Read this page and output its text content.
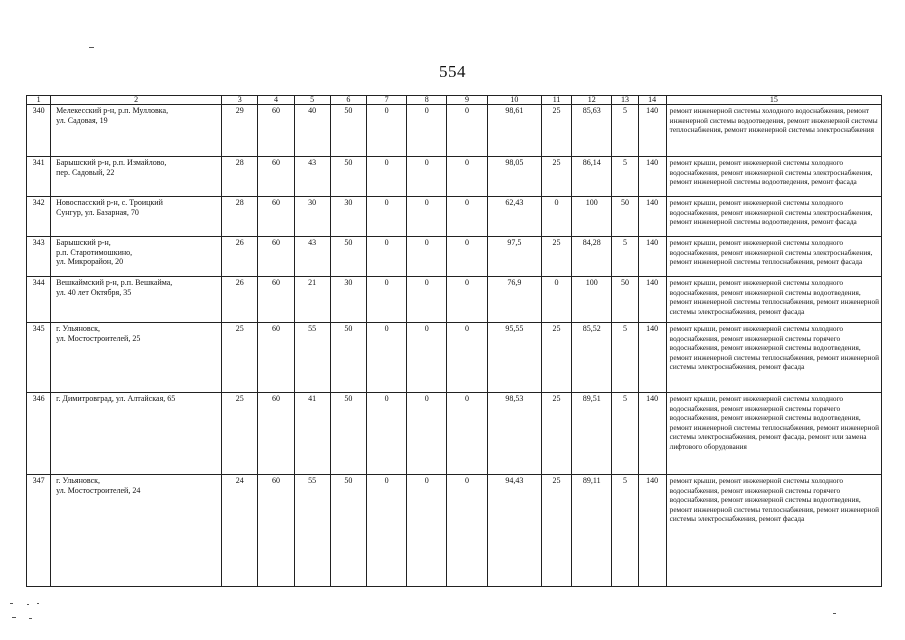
554
1	2	3	4	5	6	7	8	9	10	11	12	13	14	15
340	Мелекесский р-н, р.п. Мулловка,
ул. Садовая, 19	29	60	40	50	0	0	0	98,61	25	85,63	5	140	ремонт инженерной системы холодного водоснабжения, ремонт инженерной системы водоотведения, ремонт инженерной системы теплоснабжения, ремонт инженерной системы электроснабжения
341	Барышский р-н, р.п. Измайлово,
пер. Садовый, 22	28	60	43	50	0	0	0	98,05	25	86,14	5	140	ремонт крыши, ремонт инженерной системы холодного водоснабжения, ремонт инженерной системы электроснабжения, ремонт инженерной системы водоотведения, ремонт фасада
342	Новоспасский р-н, с. Троицкий
Сунгур, ул. Базарная, 70	28	60	30	30	0	0	0	62,43	0	100	50	140	ремонт крыши, ремонт инженерной системы холодного водоснабжения, ремонт инженерной системы электроснабжения, ремонт инженерной системы водоотведения, ремонт фасада
343	Барышский р-н,
р.п. Старотимошкино,
ул. Микрорайон, 20	26	60	43	50	0	0	0	97,5	25	84,28	5	140	ремонт крыши, ремонт инженерной системы холодного водоснабжения, ремонт инженерной системы электроснабжения, ремонт инженерной системы теплоснабжения, ремонт фасада
344	Вешкаймский р-н, р.п. Вешкайма,
ул. 40 лет Октября, 35	26	60	21	30	0	0	0	76,9	0	100	50	140	ремонт крыши, ремонт инженерной системы холодного водоснабжения, ремонт инженерной системы водоотведения, ремонт инженерной системы теплоснабжения, ремонт инженерной системы электроснабжения, ремонт фасада
345	г. Ульяновск,
ул. Мостостроителей, 25	25	60	55	50	0	0	0	95,55	25	85,52	5	140	ремонт крыши, ремонт инженерной системы холодного водоснабжения, ремонт инженерной системы горячего водоснабжения, ремонт инженерной системы водоотведения, ремонт инженерной системы теплоснабжения, ремонт инженерной системы электроснабжения, ремонт фасада
346	г. Димитровград, ул. Алтайская, 65	25	60	41	50	0	0	0	98,53	25	89,51	5	140	ремонт крыши, ремонт инженерной системы холодного водоснабжения, ремонт инженерной системы горячего водоснабжения, ремонт инженерной системы водоотведения, ремонт инженерной системы теплоснабжения, ремонт инженерной системы электроснабжения, ремонт фасада, ремонт или замена лифтового оборудования
347	г. Ульяновск,
ул. Мостостроителей, 24	24	60	55	50	0	0	0	94,43	25	89,11	5	140	ремонт крыши, ремонт инженерной системы холодного водоснабжения, ремонт инженерной системы горячего водоснабжения, ремонт инженерной системы водоотведения, ремонт инженерной системы теплоснабжения, ремонт инженерной системы электроснабжения, ремонт фасада
